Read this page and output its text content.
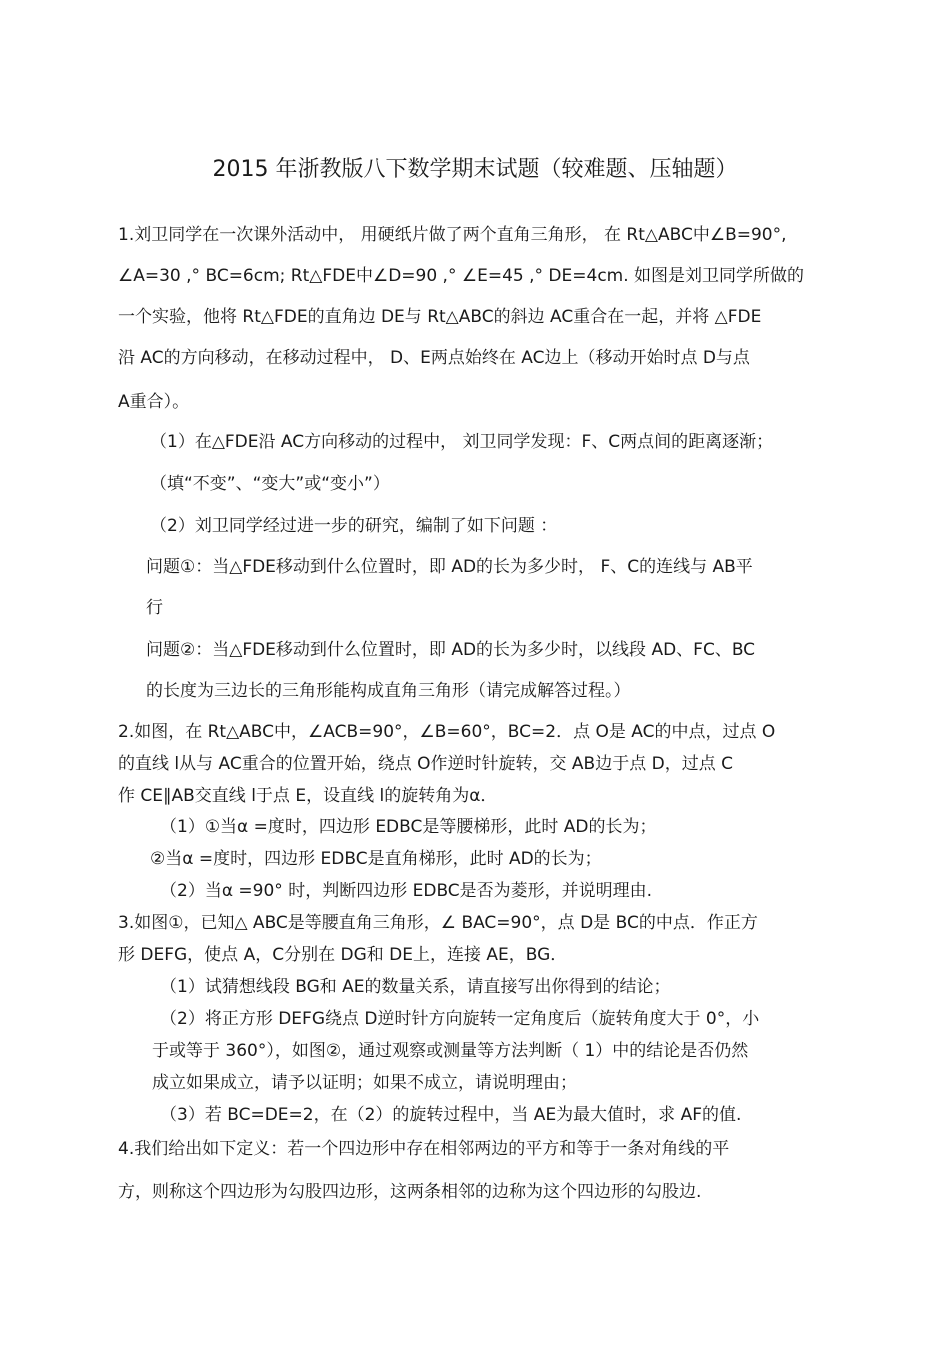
2015 年浙教版八下数学期末试题（较难题、压轴题）
1.刘卫同学在一次课外活动中， 用硬纸片做了两个直角三角形， 在 Rt△ABC中∠B=90°,
∠A=30 ,° BC=6cm; Rt△FDE中∠D=90 ,° ∠E=45 ,° DE=4cm. 如图是刘卫同学所做的
一个实验，他将 Rt△FDE的直角边 DE与 Rt△ABC的斜边 AC重合在一起，并将 △FDE
沿 AC的方向移动，在移动过程中， D、E两点始终在 AC边上（移动开始时点 D与点
A重合）。
（1）在△FDE沿 AC方向移动的过程中， 刘卫同学发现：F、C两点间的距离逐渐；
（填“不变”、“变大”或“变小”）
（2）刘卫同学经过进一步的研究，编制了如下问题 ：
问题①：当△FDE移动到什么位置时，即 AD的长为多少时， F、C的连线与 AB平
行
问题②：当△FDE移动到什么位置时，即 AD的长为多少时，以线段 AD、FC、BC
的长度为三边长的三角形能构成直角三角形（请完成解答过程。）
2.如图，在 Rt△ABC中，∠ACB=90°，∠B=60°，BC=2．点 O是 AC的中点，过点 O
的直线 l从与 AC重合的位置开始，绕点 O作逆时针旋转，交 AB边于点 D，过点 C
作 CE∥AB交直线 l于点 E，设直线 l的旋转角为α．
（1）①当α =度时，四边形 EDBC是等腰梯形，此时 AD的长为；
②当α =度时，四边形 EDBC是直角梯形，此时 AD的长为；
（2）当α =90° 时，判断四边形 EDBC是否为菱形，并说明理由.
3.如图①，已知△ ABC是等腰直角三角形，∠ BAC=90°，点 D是 BC的中点．作正方
形 DEFG，使点 A，C分别在 DG和 DE上，连接 AE，BG．
（1）试猜想线段 BG和 AE的数量关系，请直接写出你得到的结论；
（2）将正方形 DEFG绕点 D逆时针方向旋转一定角度后（旋转角度大于 0°，小
于或等于 360°），如图②，通过观察或测量等方法判断（ 1）中的结论是否仍然
成立如果成立，请予以证明；如果不成立，请说明理由；
（3）若 BC=DE=2，在（2）的旋转过程中，当 AE为最大值时，求 AF的值.
4.我们给出如下定义：若一个四边形中存在相邻两边的平方和等于一条对角线的平
方，则称这个四边形为勾股四边形，这两条相邻的边称为这个四边形的勾股边.
